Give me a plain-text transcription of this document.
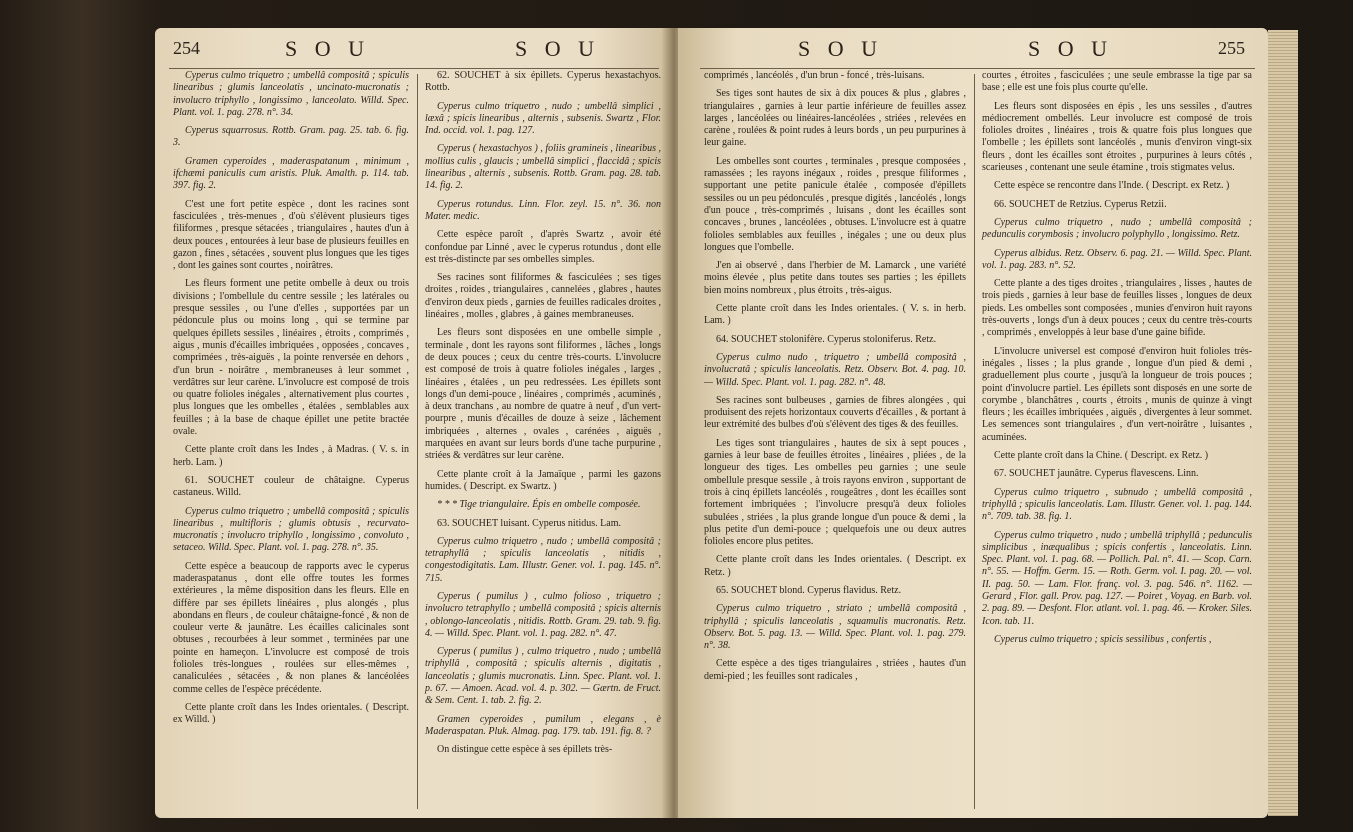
254	S O U	S O U

Cyperus culmo triquetro ; umbellâ compositâ ; spiculis linearibus ; glumis lanceolatis , uncinato-mucronatis ; involucro triphyllo , longissimo , lanceolato. Willd. Spec. Plant. vol. 1. pag. 278. n°. 34.

Cyperus squarrosus. Rottb. Gram. pag. 25. tab. 6. fig. 3.

Gramen cyperoides , maderaspatanum , minimum , ifchæmi paniculis cum aristis. Pluk. Amalth. p. 114. tab. 397. fig. 2.

C'est une fort petite espèce , dont les racines sont fasciculées , très-menues , d'où s'élèvent plusieurs tiges filiformes , presque sétacées , triangulaires , hautes d'un à deux pouces , entourées à leur base de plusieurs feuilles en gazon , fines , sétacées , souvent plus longues que les tiges , dont les gaines sont courtes , noirâtres.

Les fleurs forment une petite ombelle à deux ou trois divisions ; l'ombellule du centre sessile ; les latérales ou presque sessiles , ou l'une d'elles , supportées par un pédoncule plus ou moins long , qui se termine par quelques épillets sessiles , linéaires , étroits , comprimés , aigus , munis d'écailles imbriquées , opposées , concaves , comprimées , très-aiguës , la pointe renversée en dehors , d'un brun - noirâtre , membraneuses à leur sommet , verdâtres sur leur carène. L'involucre est composé de trois ou quatre folioles inégales , alternativement plus courtes , plus longues que les ombelles , étalées , semblables aux feuilles ; à la base de chaque épillet une petite bractée ovale.

Cette plante croît dans les Indes , à Madras. ( V. s. in herb. Lam. )

61. SOUCHET couleur de châtaigne. Cyperus castaneus. Willd.

Cyperus culmo triquetro ; umbellâ compositâ ; spiculis linearibus , multifloris ; glumis obtusis , recurvato-mucronatis ; involucro triphyllo , longissimo , convoluto , setaceo. Willd. Spec. Plant. vol. 1. pag. 278. n°. 35.

Cette espèce a beaucoup de rapports avec le cyperus maderaspatanus , dont elle offre toutes les formes extérieures , la même disposition dans les fleurs. Elle en diffère par ses épillets linéaires , plus alongés , plus abondans en fleurs , de couleur châtaigne-foncé , & non de couleur verte & jaunâtre. Les écailles calicinales sont obtuses , recourbées à leur sommet , terminées par une pointe en hameçon. L'involucre est composé de trois folioles très-longues , roulées sur elles-mêmes , canaliculées , sétacées , & non planes & lancéolées comme celles de l'espèce précédente.

Cette plante croît dans les Indes orientales. ( Descript. ex Willd. )

62. SOUCHET à six épillets. Cyperus hexastachyos. Rottb.

Cyperus culmo triquetro , nudo ; umbellâ simplici , læxâ ; spicis linearibus , alternis , subsenis. Swartz , Flor. Ind. occid. vol. 1. pag. 127.

Cyperus ( hexastachyos ) , foliis gramineis , linearibus , mollius culis , glaucis ; umbellâ simplici , flaccidâ ; spicis linearibus , alternis , subsenis. Rottb. Gram. pag. 28. tab. 14. fig. 2.

Cyperus rotundus. Linn. Flor. zeyl. 15. n°. 36. non Mater. medic.

Cette espèce paroît , d'après Swartz , avoir été confondue par Linné , avec le cyperus rotundus , dont elle est très-distincte par ses ombelles simples.

Ses racines sont filiformes & fasciculées ; ses tiges droites , roides , triangulaires , cannelées , glabres , hautes d'environ deux pieds , garnies de feuilles radicales droites , linéaires , molles , glabres , à gaines membraneuses.

Les fleurs sont disposées en une ombelle simple , terminale , dont les rayons sont filiformes , lâches , longs de deux pouces ; ceux du centre très-courts. L'involucre est composé de trois à quatre folioles inégales , larges , linéaires , étalées , un peu redressées. Les épillets sont longs d'un demi-pouce , linéaires , comprimés , acuminés , à deux tranchans , au nombre de quatre à neuf , d'un vert-pourpre , munis d'écailles de douze à seize , lâchement imbriquées , alternes , ovales , carénées , aiguës , marquées en avant sur leurs bords d'une tache purpurine , striées & verdâtres sur leur carène.

Cette plante croît à la Jamaïque , parmi les gazons humides. ( Descript. ex Swartz. )

* * * Tige triangulaire. Épis en ombelle composée.

63. SOUCHET luisant. Cyperus nitidus. Lam.

Cyperus culmo triquetro , nudo ; umbellâ compositâ ; tetraphyllâ ; spiculis lanceolatis , nitidis , congestodigitatis. Lam. Illustr. Gener. vol. 1. pag. 145. n°. 715.

Cyperus ( pumilus ) , culmo folioso , triquetro ; involucro tetraphyllo ; umbellâ compositâ ; spicis alternis , oblongo-lanceolatis , nitidis. Rottb. Gram. 29. tab. 9. fig. 4. — Willd. Spec. Plant. vol. 1. pag. 282. n°. 47.

Cyperus ( pumilus ) , culmo triquetro , nudo ; umbellâ triphyllâ , compositâ ; spiculis alternis , digitatis , lanceolatis ; glumis mucronatis. Linn. Spec. Plant. vol. 1. p. 67. — Amoen. Acad. vol. 4. p. 302. — Gærtn. de Fruct. & Sem. Cent. 1. tab. 2. fig. 2.

Gramen cyperoides , pumilum , elegans , è Maderaspatan. Pluk. Almag. pag. 179. tab. 191. fig. 8. ?

On distingue cette espèce à ses épillets très-

S O U	S O U	255

comprimés , lancéolés , d'un brun - foncé , très-luisans.

Ses tiges sont hautes de six à dix pouces & plus , glabres , triangulaires , garnies à leur partie inférieure de feuilles assez larges , lancéolées ou linéaires-lancéolées , striées , relevées en carène , roulées & point rudes à leurs bords , un peu purpurines à leur gaine.

Les ombelles sont courtes , terminales , presque composées , ramassées ; les rayons inégaux , roides , presque filiformes , supportant une petite panicule étalée , composée d'épillets sessiles ou un peu pédonculés , presque digités , lancéolés , longs d'un pouce , très-comprimés , luisans , dont les écailles sont concaves , brunes , lancéolées , obtuses. L'involucre est à quatre folioles semblables aux feuilles , inégales ; une ou deux plus longues que l'ombelle.

J'en ai observé , dans l'herbier de M. Lamarck , une variété moins élevée , plus petite dans toutes ses parties ; les épillets bien moins nombreux , plus étroits , très-aigus.

Cette plante croît dans les Indes orientales. ( V. s. in herb. Lam. )

64. SOUCHET stolonifère. Cyperus stoloniferus. Retz.

Cyperus culmo nudo , triquetro ; umbellâ compositâ , involucratâ ; spiculis lanceolatis. Retz. Observ. Bot. 4. pag. 10. — Willd. Spec. Plant. vol. 1. pag. 282. n°. 48.

Ses racines sont bulbeuses , garnies de fibres alongées , qui produisent des rejets horizontaux couverts d'écailles , & portant à leur extrémité des bulbes d'où s'élèvent des tiges & des feuilles.

Les tiges sont triangulaires , hautes de six à sept pouces , garnies à leur base de feuilles étroites , linéaires , pliées , de la longueur des tiges. Les ombelles peu garnies ; une seule ombellule presque sessile , à trois rayons environ , supportant de trois à cinq épillets lancéolés , rougeâtres , dont les écailles sont fortement imbriquées ; l'involucre presqu'à deux folioles subulées , striées , la plus grande longue d'un pouce & demi , la plus petite d'un demi-pouce ; quelquefois une ou deux autres folioles encore plus petites.

Cette plante croît dans les Indes orientales. ( Descript. ex Retz. )

65. SOUCHET blond. Cyperus flavidus. Retz.

Cyperus culmo triquetro , striato ; umbellâ compositâ , triphyllâ ; spiculis lanceolatis , squamulis mucronatis. Retz. Observ. Bot. 5. pag. 13. — Willd. Spec. Plant. vol. 1. pag. 279. n°. 38.

Cette espèce a des tiges triangulaires , striées , hautes d'un demi-pied ; les feuilles sont radicales ,

courtes , étroites , fasciculées ; une seule embrasse la tige par sa base ; elle est une fois plus courte qu'elle.

Les fleurs sont disposées en épis , les uns sessiles , d'autres médiocrement ombellés. Leur involucre est composé de trois folioles droites , linéaires , trois & quatre fois plus longues que l'ombelle ; les épillets sont lancéolés , munis d'environ vingt-six fleurs , dont les écailles sont étroites , purpurines à leurs côtés , scarieuses , contenant une seule étamine , trois stigmates velus.

Cette espèce se rencontre dans l'Inde. ( Descript. ex Retz. )

66. SOUCHET de Retzius. Cyperus Retzii.

Cyperus culmo triquetro , nudo ; umbellâ compositâ ; pedunculis corymbosis ; involucro polyphyllo , longissimo. Retz.

Cyperus albidus. Retz. Observ. 6. pag. 21. — Willd. Spec. Plant. vol. 1. pag. 283. n°. 52.

Cette plante a des tiges droites , triangulaires , lisses , hautes de trois pieds , garnies à leur base de feuilles lisses , longues de deux pieds. Les ombelles sont composées , munies d'environ huit rayons très-ouverts , longs d'un à deux pouces ; ceux du centre très-courts , comprimés , enveloppés à leur base d'une gaine bifide.

L'involucre universel est composé d'environ huit folioles très-inégales , lisses ; la plus grande , longue d'un pied & demi , graduellement plus courte , jusqu'à la longueur de trois pouces ; point d'involucre partiel. Les épillets sont disposés en une sorte de corymbe , blanchâtres , courts , étroits , munis de quinze à vingt fleurs ; les écailles imbriquées , aiguës , divergentes à leur sommet. Les semences sont triangulaires , d'un vert-noirâtre , luisantes , acuminées.

Cette plante croît dans la Chine. ( Descript. ex Retz. )

67. SOUCHET jaunâtre. Cyperus flavescens. Linn.

Cyperus culmo triquetro , subnudo ; umbellâ compositâ , triphyllâ ; spiculis lanceolatis. Lam. Illustr. Gener. vol. 1. pag. 144. n°. 709. tab. 38. fig. 1.

Cyperus culmo triquetro , nudo ; umbellâ triphyllâ ; pedunculis simplicibus , inæqualibus ; spicis confertis , lanceolatis. Linn. Spec. Plant. vol. 1. pag. 68. — Pollich. Pal. n°. 41. — Scop. Carn. n°. 55. — Hoffm. Germ. 15. — Roth. Germ. vol. I. pag. 20. — vol. II. pag. 50. — Lam. Flor. franç. vol. 3. pag. 546. n°. 1162. — Gerard , Flor. gall. Prov. pag. 127. — Poiret , Voyag. en Barb. vol. 2. pag. 89. — Desfont. Flor. atlant. vol. 1. pag. 46. — Kroker. Siles. Icon. tab. 11.

Cyperus culmo triquetro ; spicis sessilibus , confertis ,
